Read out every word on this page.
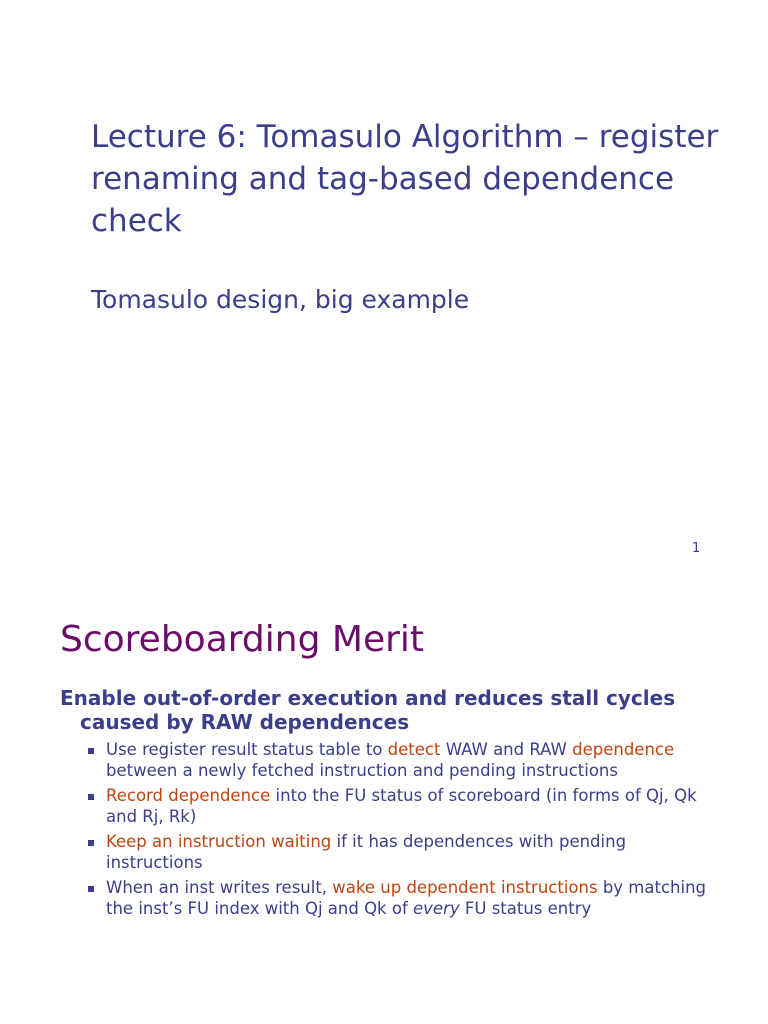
Lecture 6: Tomasulo Algorithm – register renaming and tag-based dependence check
Tomasulo design, big example
1
Scoreboarding Merit

Enable out-of-order execution and reduces stall cycles caused by RAW dependences

Use register result status table to detect WAW and RAW dependence between a newly fetched instruction and pending instructions
Record dependence into the FU status of scoreboard (in forms of Qj, Qk and Rj, Rk)
Keep an instruction waiting if it has dependences with pending instructions
When an inst writes result, wake up dependent instructions by matching the inst’s FU index with Qj and Qk of every FU status entry
